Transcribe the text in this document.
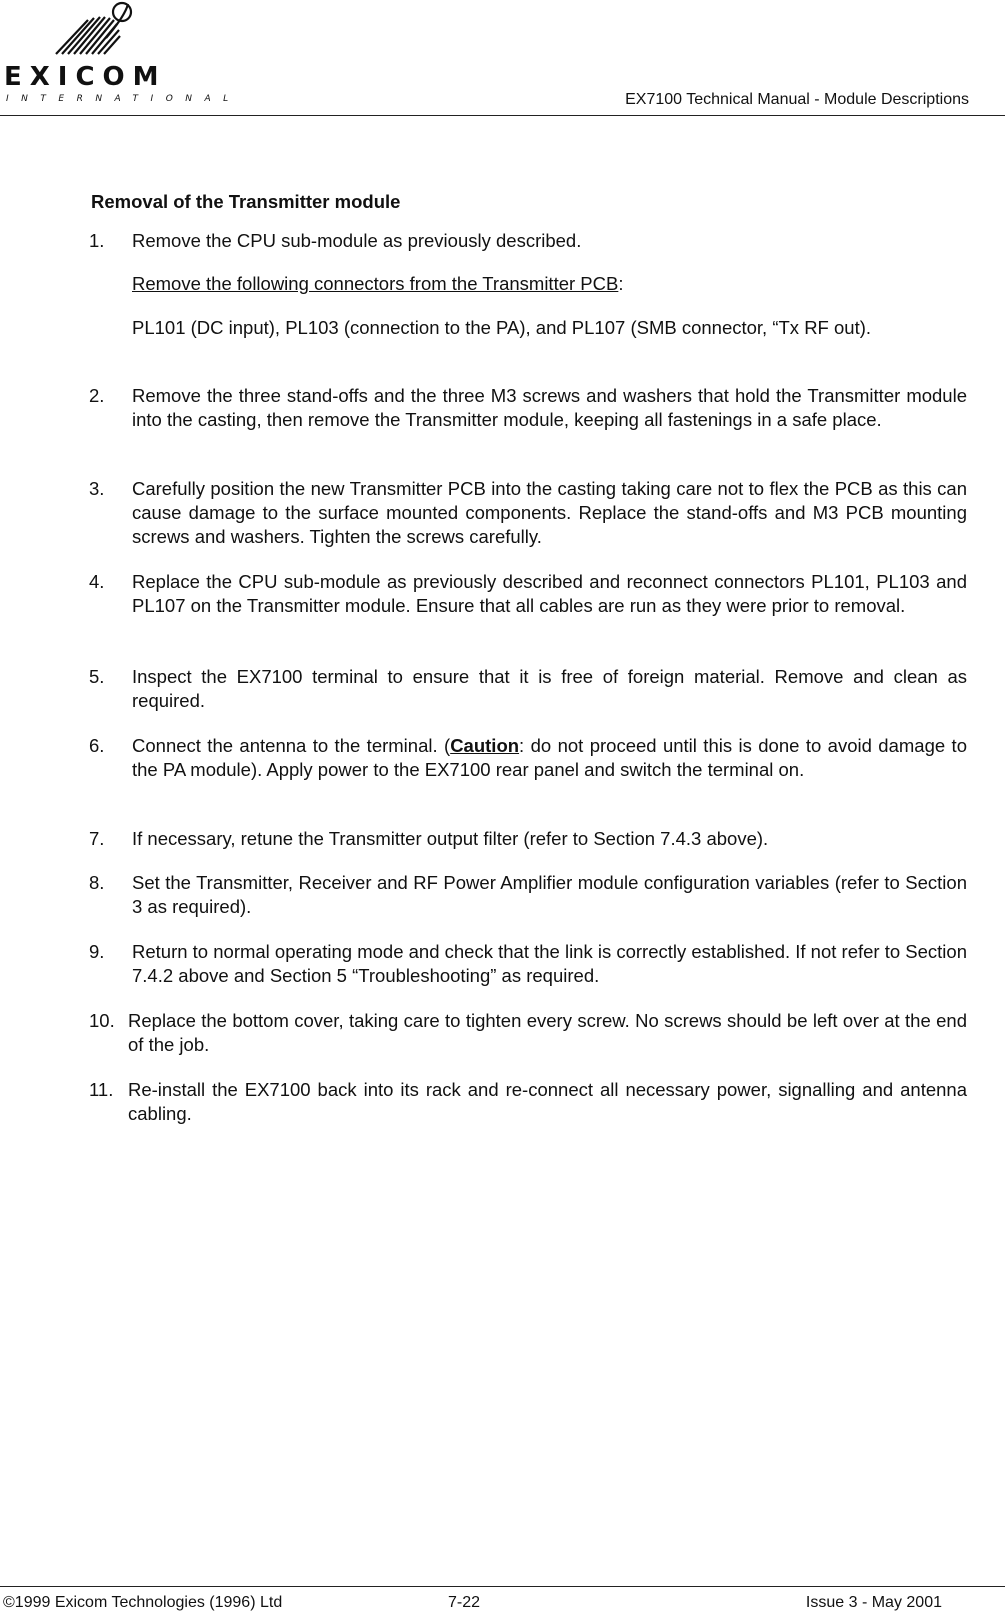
EXICOM
INTERNATIONAL	EX7100 Technical Manual - Module Descriptions
Removal of the Transmitter module
1. Remove the CPU sub-module as previously described.
Remove the following connectors from the Transmitter PCB:
PL101 (DC input), PL103 (connection to the PA), and PL107 (SMB connector, “Tx RF out).
2. Remove the three stand-offs and the three M3 screws and washers that hold the Transmitter module into the casting, then remove the Transmitter module, keeping all fastenings in a safe place.
3. Carefully position the new Transmitter PCB into the casting taking care not to flex the PCB as this can cause damage to the surface mounted components. Replace the stand-offs and M3 PCB mounting screws and washers. Tighten the screws carefully.
4. Replace the CPU sub-module as previously described and reconnect connectors PL101, PL103 and PL107 on the Transmitter module. Ensure that all cables are run as they were prior to removal.
5. Inspect the EX7100 terminal to ensure that it is free of foreign material. Remove and clean as required.
6. Connect the antenna to the terminal. (Caution: do not proceed until this is done to avoid damage to the PA module). Apply power to the EX7100 rear panel and switch the terminal on.
7. If necessary, retune the Transmitter output filter (refer to Section 7.4.3 above).
8. Set the Transmitter, Receiver and RF Power Amplifier module configuration variables (refer to Section 3 as required).
9. Return to normal operating mode and check that the link is correctly established. If not refer to Section 7.4.2 above and Section 5 “Troubleshooting” as required.
10. Replace the bottom cover, taking care to tighten every screw. No screws should be left over at the end of the job.
11. Re-install the EX7100 back into its rack and re-connect all necessary power, signalling and antenna cabling.
©1999 Exicom Technologies (1996) Ltd	7-22	Issue 3 - May 2001
